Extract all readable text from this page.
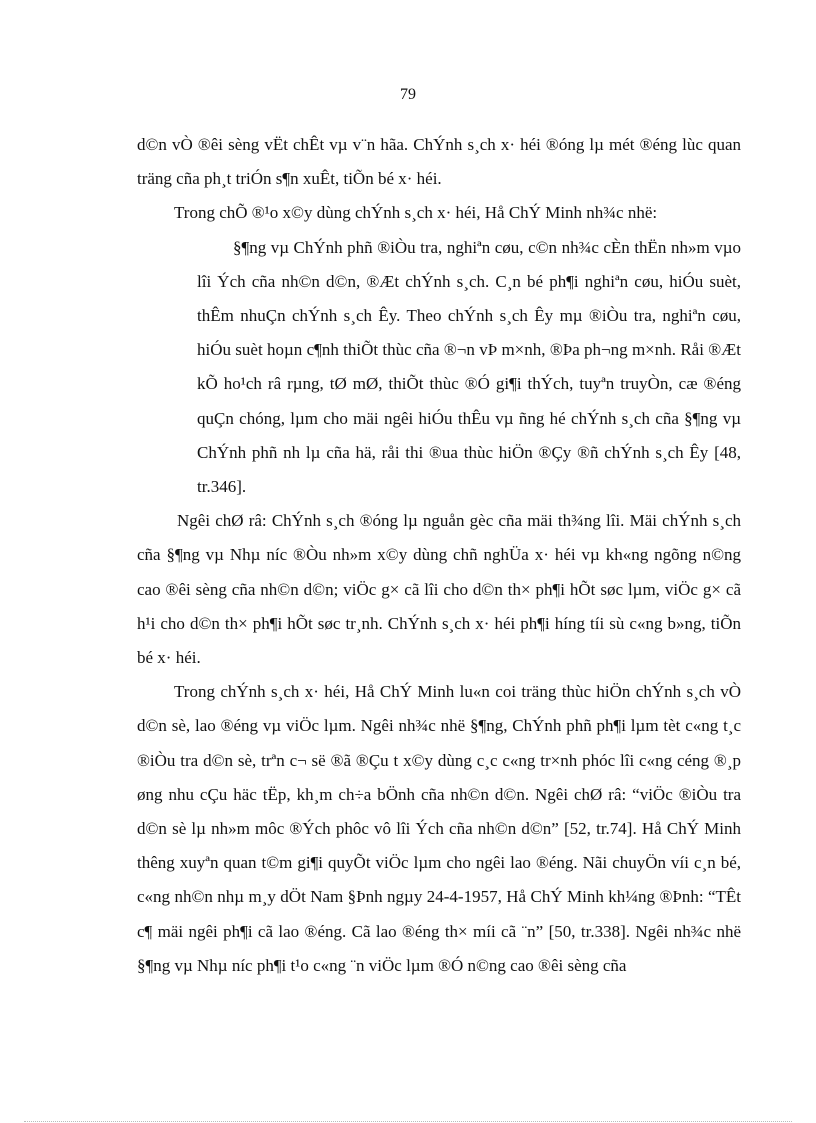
79

d©n vÒ ®êi sèng vËt chÊt vµ v¨n hãa. ChÝnh s¸ch x· héi ®óng lµ mét ®éng lùc quan träng cña ph¸t triÓn s¶n xuÊt, tiÕn bé x· héi.

Trong chÕ ®¹o x©y dùng chÝnh s¸ch x· héi, Hå ChÝ Minh nh¾c nhë:

§¶ng vµ ChÝnh phñ ®iÒu tra, nghiªn cøu, c©n nh¾c cÈn thËn nh»m vµo lîi Ých cña nh©n d©n, ®Æt chÝnh s¸ch. C¸n bé ph¶i nghiªn cøu, hiÓu suèt, thÊm nhuÇn chÝnh s¸ch Êy. Theo chÝnh s¸ch Êy mµ ®iÒu tra, nghiªn cøu, hiÓu suèt hoµn c¶nh thiÕt thùc cña ®¬n vÞ m×nh, ®Þa ph¬ng m×nh. Råi ®Æt kÕ ho¹ch râ rµng, tØ mØ, thiÕt thùc ®Ó gi¶i thÝch, tuyªn truyÒn, cæ ®éng quÇn chóng, lµm cho mäi ngêi hiÓu thÊu vµ ñng hé chÝnh s¸ch cña §¶ng vµ ChÝnh phñ nh lµ cña hä, råi thi ®ua thùc hiÖn ®Çy ®ñ chÝnh s¸ch Êy [48, tr.346].

Ngêi chØ râ: ChÝnh s¸ch ®óng lµ nguån gèc cña mäi th¾ng lîi. Mäi chÝnh s¸ch cña §¶ng vµ Nhµ níc ®Òu nh»m x©y dùng chñ nghÜa x· héi vµ kh«ng ngõng n©ng cao ®êi sèng cña nh©n d©n; viÖc g× cã lîi cho d©n th× ph¶i hÕt søc lµm, viÖc g× cã h¹i cho d©n th× ph¶i hÕt søc tr¸nh. ChÝnh s¸ch x· héi ph¶i híng tíi sù c«ng b»ng, tiÕn bé x· héi.

Trong chÝnh s¸ch x· héi, Hå ChÝ Minh lu«n coi träng thùc hiÖn chÝnh s¸ch vÒ d©n sè, lao ®éng vµ viÖc lµm. Ngêi nh¾c nhë §¶ng, ChÝnh phñ ph¶i lµm tèt c«ng t¸c ®iÒu tra d©n sè, trªn c¬ së ®ã ®Çu t x©y dùng c¸c c«ng tr×nh phóc lîi c«ng céng ®¸p øng nhu cÇu häc tËp, kh¸m ch÷a bÖnh cña nh©n d©n. Ngêi chØ râ: “viÖc ®iÒu tra d©n sè lµ nh»m môc ®Ých phôc vô lîi Ých cña nh©n d©n” [52, tr.74]. Hå ChÝ Minh thêng xuyªn quan t©m gi¶i quyÕt viÖc lµm cho ngêi lao ®éng. Nãi chuyÖn víi c¸n bé, c«ng nh©n nhµ m¸y dÖt Nam §Þnh ngµy 24-4-1957, Hå ChÝ Minh kh¼ng ®Þnh: “TÊt c¶ mäi ngêi ph¶i cã lao ®éng. Cã lao ®éng th× míi cã ¨n” [50, tr.338]. Ngêi nh¾c nhë §¶ng vµ Nhµ níc ph¶i t¹o c«ng ¨n viÖc lµm ®Ó n©ng cao ®êi sèng cña
